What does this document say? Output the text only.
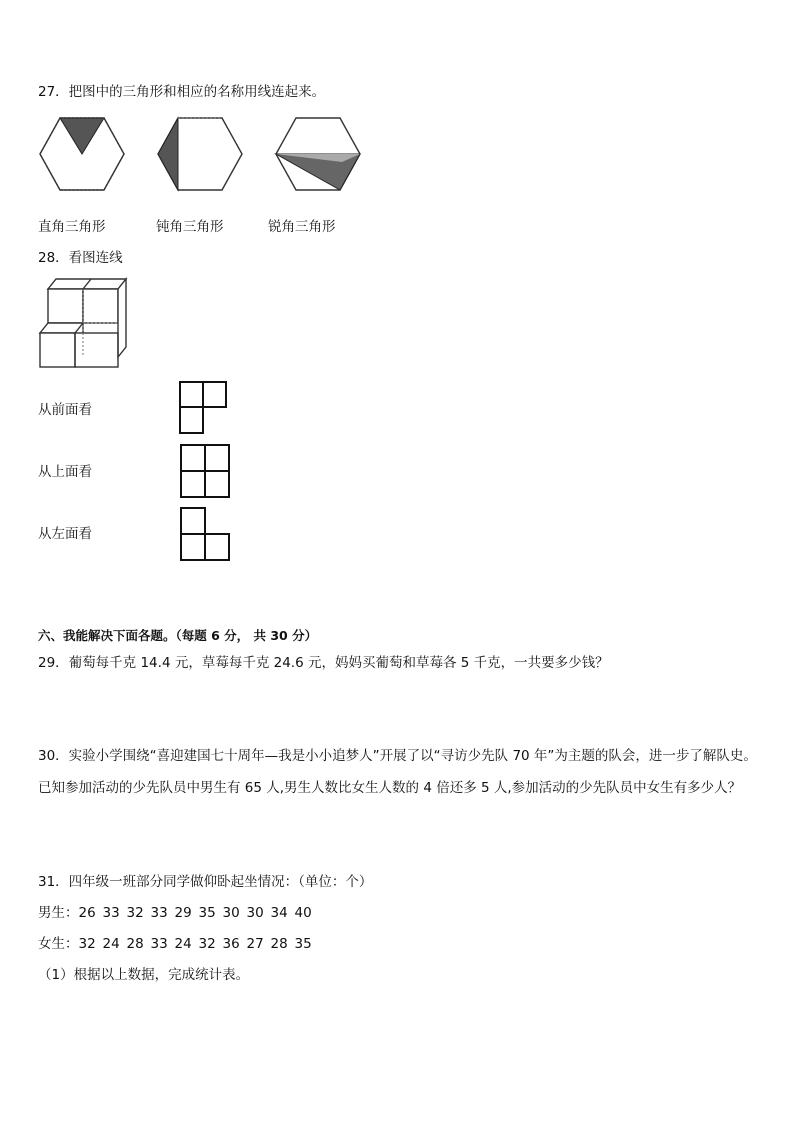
27．把图中的三角形和相应的名称用线连起来。
直角三角形	钝角三角形	锐角三角形
28．看图连线
从前面看
从上面看
从左面看
六、我能解决下面各题。（每题 6 分， 共 30 分）
29．葡萄每千克 14.4 元，草莓每千克 24.6 元，妈妈买葡萄和草莓各 5 千克，一共要多少钱？
30．实验小学围绕“喜迎建国七十周年—我是小小追梦人”开展了以“寻访少先队 70 年”为主题的队会，进一步了解队史。
已知参加活动的少先队员中男生有 65 人,男生人数比女生人数的 4 倍还多 5 人,参加活动的少先队员中女生有多少人？
31．四年级一班部分同学做仰卧起坐情况：（单位：个）
男生：26 33 32 33 29 35 30 30 34 40
女生：32 24 28 33 24 32 36 27 28 35
（1）根据以上数据，完成统计表。
